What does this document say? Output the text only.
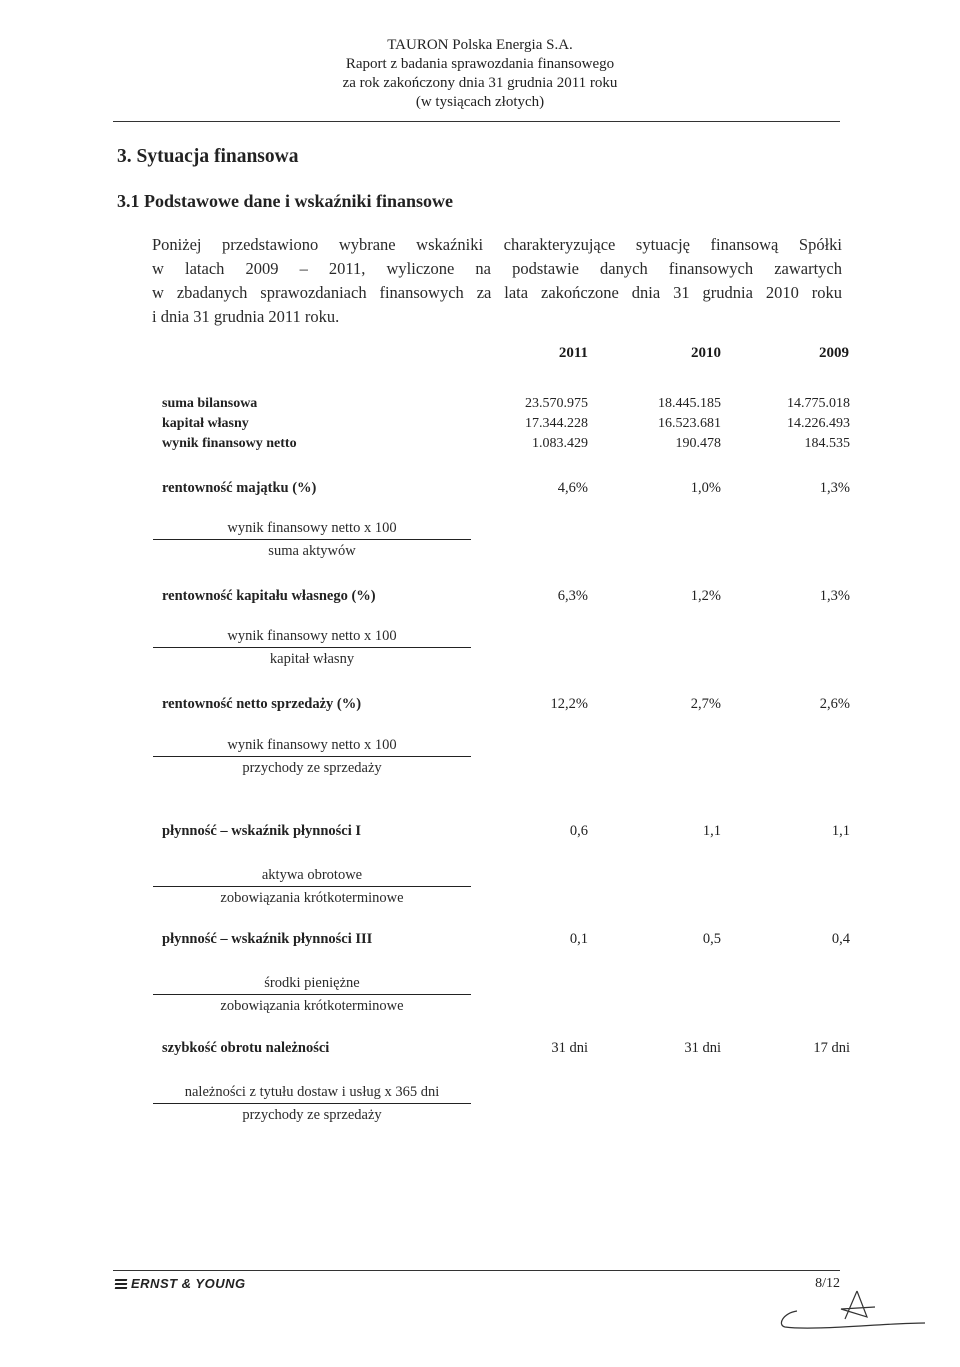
TAURON Polska Energia S.A.
Raport z badania sprawozdania finansowego
za rok zakończony dnia 31 grudnia 2011 roku
(w tysiącach złotych)
3. Sytuacja finansowa
3.1 Podstawowe dane i wskaźniki finansowe
Poniżej przedstawiono wybrane wskaźniki charakteryzujące sytuację finansową Spółki
w latach 2009 – 2011, wyliczone na podstawie danych finansowych zawartych
w zbadanych sprawozdaniach finansowych za lata zakończone dnia 31 grudnia 2010 roku
i dnia 31 grudnia 2011 roku.
2011	2010	2009
suma bilansowa	23.570.975	18.445.185	14.775.018
kapitał własny	17.344.228	16.523.681	14.226.493
wynik finansowy netto	1.083.429	190.478	184.535
rentowność majątku (%)	4,6%	1,0%	1,3%
wynik finansowy netto x 100
suma aktywów
rentowność kapitału własnego (%)	6,3%	1,2%	1,3%
wynik finansowy netto x 100
kapitał własny
rentowność netto sprzedaży (%)	12,2%	2,7%	2,6%
wynik finansowy netto x 100
przychody ze sprzedaży
płynność – wskaźnik płynności I	0,6	1,1	1,1
aktywa obrotowe
zobowiązania krótkoterminowe
płynność – wskaźnik płynności III	0,1	0,5	0,4
środki pieniężne
zobowiązania krótkoterminowe
szybkość obrotu należności	31 dni	31 dni	17 dni
należności z tytułu dostaw i usług x 365 dni
przychody ze sprzedaży
ERNST & YOUNG	8/12
